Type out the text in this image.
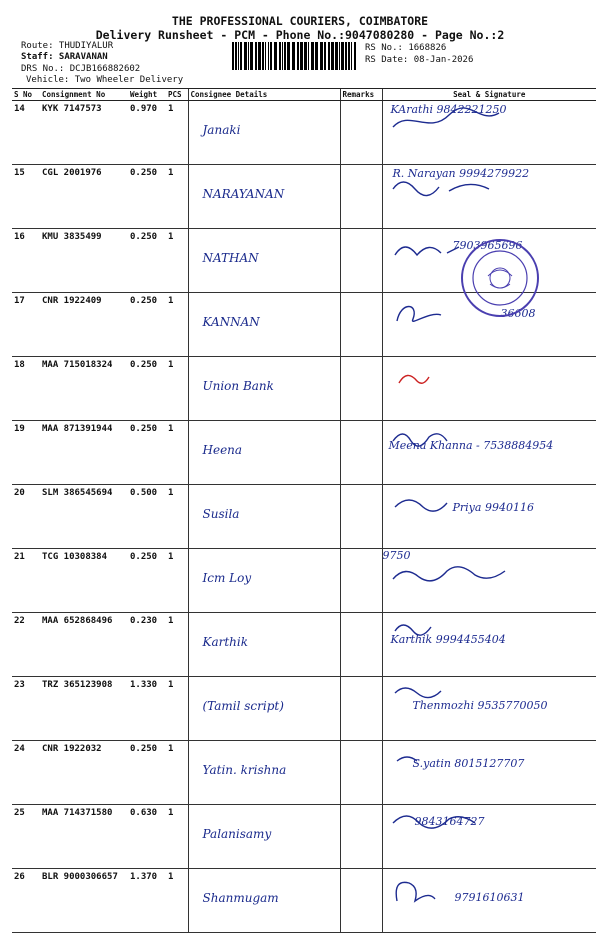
THE PROFESSIONAL COURIERS, COIMBATORE
Delivery Runsheet - PCM - Phone No.:9047080280 - Page No.:2
Route: THUDIYALUR
Staff: SARAVANAN
DRS No.: DCJB166882602
Vehicle: Two Wheeler Delivery
RS No.: 1668826
RS Date: 08-Jan-2026
S No	Consignment No	Weight	PCS	Consignee Details	Remarks	Seal & Signature
14	KYK 7147573	0.970	1	Janaki		KArathi 9842221250

15	CGL 2001976	0.250	1	NARAYANAN		R. Narayan 9994279922

16	KMU 3835499	0.250	1	NATHAN		7903965696

17	CNR 1922409	0.250	1	KANNAN		36608

18	MAA 715018324	0.250	1	Union Bank		

19	MAA 871391944	0.250	1	Heena		Meena Khanna - 7538884954

20	SLM 386545694	0.500	1	Susila		Priya 9940116

21	TCG 10308384	0.250	1	Icm Loy		9750

22	MAA 652868496	0.230	1	Karthik		Karthik 9994455404

23	TRZ 365123908	1.330	1	(Tamil script)		Thenmozhi 9535770050

24	CNR 1922032	0.250	1	Yatin. krishna		S.yatin 8015127707

25	MAA 714371580	0.630	1	Palanisamy		9843164727

26	BLR 9000306657	1.370	1	Shanmugam		9791610631
